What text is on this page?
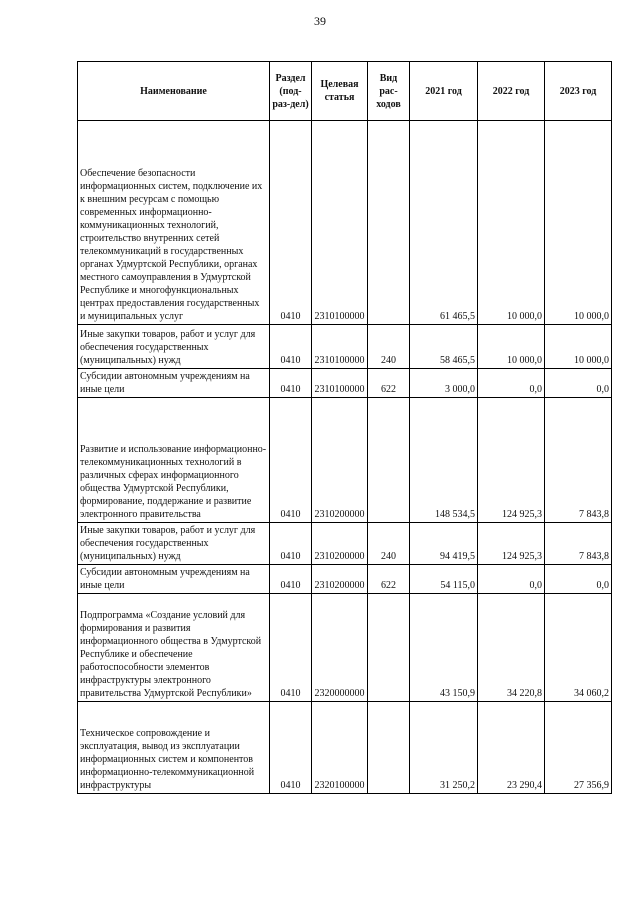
39
Наименование	Раздел (под-раз-дел)	Целевая статья	Вид рас-ходов	2021 год	2022 год	2023 год
Обеспечение безопасности информационных систем, подключение их к внешним ресурсам с помощью современных информационно-коммуникационных технологий, строительство внутренних сетей телекоммуникаций в государственных органах Удмуртской Республики, органах местного самоуправления в Удмуртской Республике и многофункциональных центрах предоставления государственных и муниципальных услуг	0410	2310100000		61 465,5	10 000,0	10 000,0
Иные закупки товаров, работ и услуг для обеспечения государственных (муниципальных) нужд	0410	2310100000	240	58 465,5	10 000,0	10 000,0
Субсидии автономным учреждениям на иные цели	0410	2310100000	622	3 000,0	0,0	0,0
Развитие и использование информационно-телекоммуникационных технологий в различных сферах информационного общества Удмуртской Республики, формирование, поддержание и развитие электронного правительства	0410	2310200000		148 534,5	124 925,3	7 843,8
Иные закупки товаров, работ и услуг для обеспечения государственных (муниципальных) нужд	0410	2310200000	240	94 419,5	124 925,3	7 843,8
Субсидии автономным учреждениям на иные цели	0410	2310200000	622	54 115,0	0,0	0,0
Подпрограмма «Создание условий для формирования и развития информационного общества в Удмуртской Республике и обеспечение работоспособности элементов инфраструктуры электронного правительства Удмуртской Республики»	0410	2320000000		43 150,9	34 220,8	34 060,2
Техническое сопровождение и эксплуатация, вывод из эксплуатации информационных систем и компонентов информационно-телекоммуникационной инфраструктуры	0410	2320100000		31 250,2	23 290,4	27 356,9
